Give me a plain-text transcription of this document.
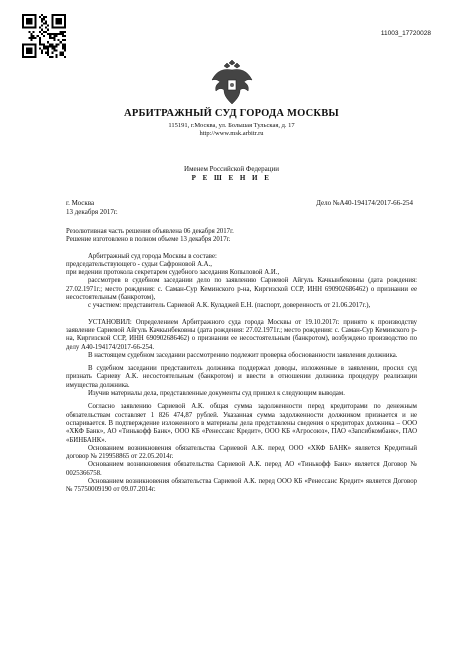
11003_17720028
АРБИТРАЖНЫЙ СУД ГОРОДА МОСКВЫ
115191, г.Москва, ул. Большая Тульская, д. 17
http://www.msk.arbitr.ru
Именем Российской Федерации
Р Е Ш Е Н И Е
г. Москва
13 декабря 2017г.
Дело №А40-194174/2017-66-254

Резолютивная часть решения объявлена 06 декабря 2017г.

Решение изготовлено в полном объеме 13 декабря 2017г.

Арбитражный суд города Москвы в составе:

председательствующего - судьи Сафроновой А.А.,

при ведении протокола секретарем судебного заседания Копыловой А.И.,

рассмотрев в судебном заседании дело по заявлению Сариевой Айгуль Качкынбековны (дата рождения: 27.02.1971г.; место рождения: с. Саман-Сур Кеминского р-на, Киргизской ССР, ИНН 690902686462) о признании ее несостоятельным (банкротом),

с участием: представитель Сариевой А.К. Куладжей Е.Н. (паспорт, доверенность от 21.06.2017г.),

УСТАНОВИЛ: Определением Арбитражного суда города Москвы от 19.10.2017г. принято к производству заявление Сариевой Айгуль Качкынбековны (дата рождения: 27.02.1971г.; место рождения: с. Саман-Сур Кеминского р-на, Киргизской ССР, ИНН 690902686462) о признании ее несостоятельным (банкротом), возбуждено производство по делу А40-194174/2017-66-254.

В настоящем судебном заседании рассмотрению подлежит проверка обоснованности заявления должника.

В судебном заседании представитель должника поддержал доводы, изложенные в заявлении, просил суд признать Сариеву А.К. несостоятельным (банкротом) и ввести в отношении должника процедуру реализации имущества должника.

Изучив материалы дела, представленные документы суд пришел к следующим выводам.

Согласно заявлению Сариевой А.К. общая сумма задолженности перед кредиторами по денежным обязательствам составляет 1 826 474,87 рублей. Указанная сумма задолженности должником признается и не оспаривается. В подтверждение изложенного в материалы дела представлены сведения о кредиторах должника – ООО «ХКФ Банк», АО «Тинькофф Банк», ООО КБ «Ренессанс Кредит», ООО КБ «Агросоюз», ПАО «Запсибкомбанк», ПАО «БИНБАНК».

Основанием возникновения обязательства Сариевой А.К. перед ООО «ХКФ БАНК» является Кредитный договор № 219958865 от 22.05.2014г.

Основанием возникновения обязательства Сариевой А.К. перед АО «Тинькофф Банк» является Договор № 0025366758.

Основанием возникновения обязательства Сариевой А.К. перед ООО КБ «Ренессанс Кредит» является Договор № 75750009190 от 09.07.2014г.
